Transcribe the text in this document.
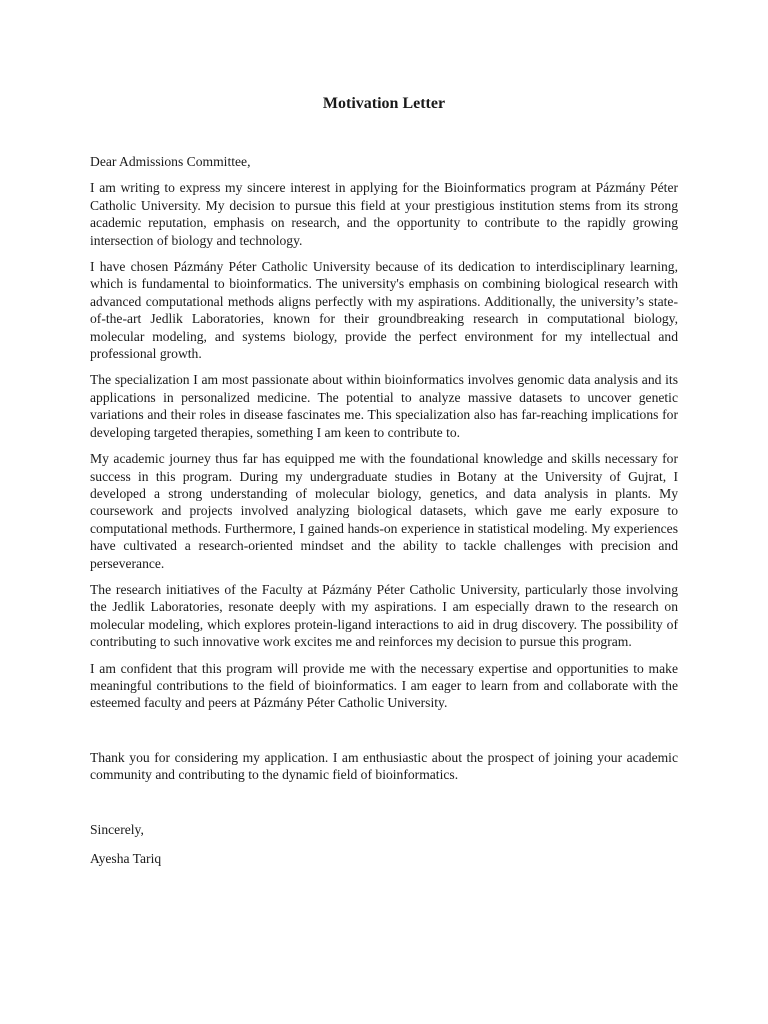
Motivation Letter

Dear Admissions Committee,

I am writing to express my sincere interest in applying for the Bioinformatics program at Pázmány Péter Catholic University. My decision to pursue this field at your prestigious institution stems from its strong academic reputation, emphasis on research, and the opportunity to contribute to the rapidly growing intersection of biology and technology.

I have chosen Pázmány Péter Catholic University because of its dedication to interdisciplinary learning, which is fundamental to bioinformatics. The university's emphasis on combining biological research with advanced computational methods aligns perfectly with my aspirations. Additionally, the university’s state-of-the-art Jedlik Laboratories, known for their groundbreaking research in computational biology, molecular modeling, and systems biology, provide the perfect environment for my intellectual and professional growth.

The specialization I am most passionate about within bioinformatics involves genomic data analysis and its applications in personalized medicine. The potential to analyze massive datasets to uncover genetic variations and their roles in disease fascinates me. This specialization also has far-reaching implications for developing targeted therapies, something I am keen to contribute to.

My academic journey thus far has equipped me with the foundational knowledge and skills necessary for success in this program. During my undergraduate studies in Botany at the University of Gujrat, I developed a strong understanding of molecular biology, genetics, and data analysis in plants. My coursework and projects involved analyzing biological datasets, which gave me early exposure to computational methods. Furthermore, I gained hands-on experience in statistical modeling. My experiences have cultivated a research-oriented mindset and the ability to tackle challenges with precision and perseverance.

The research initiatives of the Faculty at Pázmány Péter Catholic University, particularly those involving the Jedlik Laboratories, resonate deeply with my aspirations. I am especially drawn to the research on molecular modeling, which explores protein-ligand interactions to aid in drug discovery. The possibility of contributing to such innovative work excites me and reinforces my decision to pursue this program.

I am confident that this program will provide me with the necessary expertise and opportunities to make meaningful contributions to the field of bioinformatics. I am eager to learn from and collaborate with the esteemed faculty and peers at Pázmány Péter Catholic University.

Thank you for considering my application. I am enthusiastic about the prospect of joining your academic community and contributing to the dynamic field of bioinformatics.

Sincerely,

Ayesha Tariq
